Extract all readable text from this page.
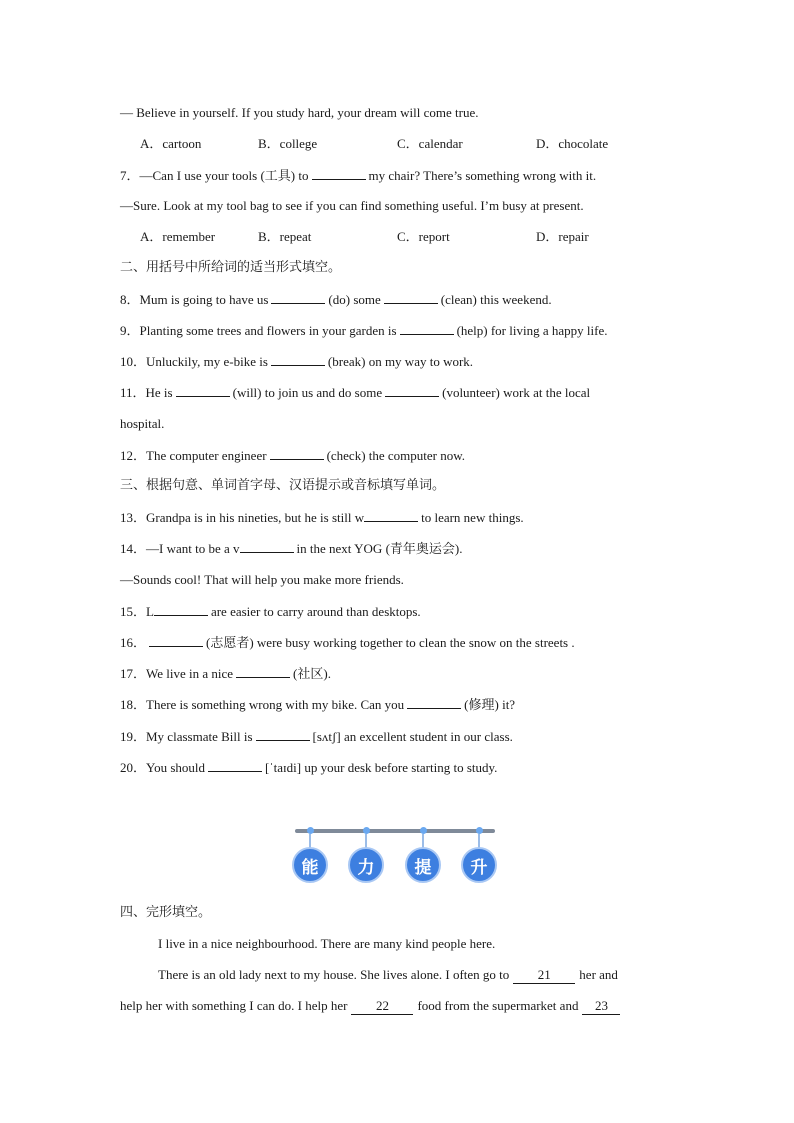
— Believe in yourself. If you study hard, your dream will come true.
A．cartoon	B．college	C．calendar	D．chocolate
7．—Can I use your tools (工具) to	my chair? There’s something wrong with it.
—Sure. Look at my tool bag to see if you can find something useful. I’m busy at present.
A．remember	B．repeat	C．report	D．repair
二、用括号中所给词的适当形式填空。
8．Mum is going to have us	(do) some	(clean) this weekend.
9．Planting some trees and flowers in your garden is	(help) for living a happy life.
10．Unluckily, my e-bike is	(break) on my way to work.
11．He is	(will) to join us and do some	(volunteer) work at the local
hospital.
12．The computer engineer	(check) the computer now.
三、根据句意、单词首字母、汉语提示或音标填写单词。
13．Grandpa is in his nineties, but he is still w	to learn new things.
14．—I want to be a v	in the next YOG (青年奥运会).
—Sounds cool! That will help you make more friends.
15．L	are easier to carry around than desktops.
16．	(志愿者) were busy working together to clean the snow on the streets .
17．We live in a nice	(社区).
18．There is something wrong with my bike. Can you	(修理) it?
19．My classmate Bill is	[sʌtʃ] an excellent student in our class.
20．You should	[ˈtaɪdi] up your desk before starting to study.
能	力	提	升
四、完形填空。
I live in a nice neighbourhood. There are many kind people here.
There is an old lady next to my house. She lives alone. I often go to 21 her and
help her with something I can do. I help her 22 food from the supermarket and 23
